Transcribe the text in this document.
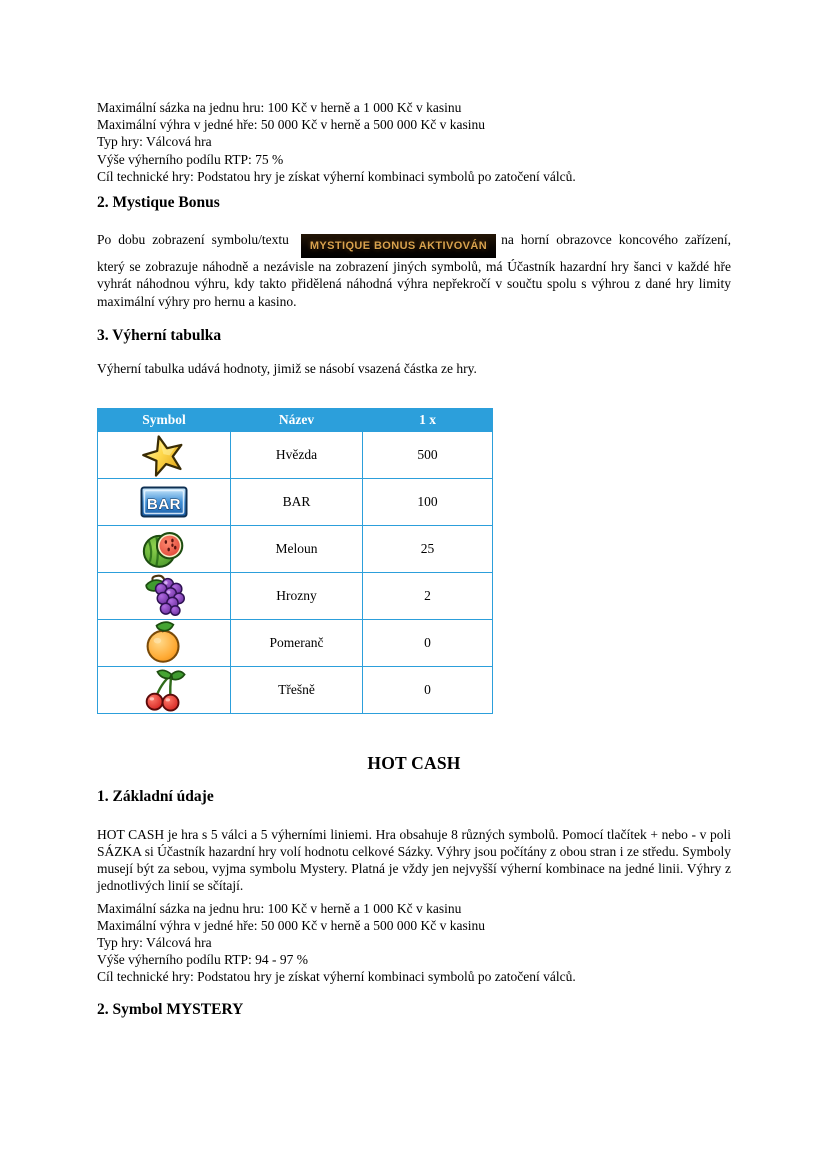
Maximální sázka na jednu hru: 100 Kč v herně a 1 000 Kč v kasinu
Maximální výhra v jedné hře: 50 000 Kč v herně a 500 000 Kč v kasinu
Typ hry: Válcová hra
Výše výherního podílu RTP: 75 %
Cíl technické hry: Podstatou hry je získat výherní kombinaci symbolů po zatočení válců.
2. Mystique Bonus
Po dobu zobrazení symbolu/textu MYSTIQUE BONUS AKTIVOVÁN na horní obrazovce koncového zařízení, který se zobrazuje náhodně a nezávisle na zobrazení jiných symbolů, má Účastník hazardní hry šanci v každé hře vyhrát náhodnou výhru, kdy takto přidělená náhodná výhra nepřekročí v součtu spolu s výhrou z dané hry limity maximální výhry pro hernu a kasino.
3. Výherní tabulka
Výherní tabulka udává hodnoty, jimiž se násobí vsazená částka ze hry.
Symbol	Název	1 x

	Hvězda	500

BAR	BAR	100

	Meloun	25

	Hrozny	2

	Pomeranč	0

	Třešně	0
HOT CASH
1. Základní údaje
HOT CASH je hra s 5 válci a 5 výherními liniemi. Hra obsahuje 8 různých symbolů. Pomocí tlačítek + nebo - v poli SÁZKA si Účastník hazardní hry volí hodnotu celkové Sázky. Výhry jsou počítány z obou stran i ze středu. Symboly musejí být za sebou, vyjma symbolu Mystery. Platná je vždy jen nejvyšší výherní kombinace na jedné linii. Výhry z jednotlivých linií se sčítají.
Maximální sázka na jednu hru: 100 Kč v herně a 1 000 Kč v kasinu
Maximální výhra v jedné hře: 50 000 Kč v herně a 500 000 Kč v kasinu
Typ hry: Válcová hra
Výše výherního podílu RTP: 94 - 97 %
Cíl technické hry: Podstatou hry je získat výherní kombinaci symbolů po zatočení válců.
2. Symbol MYSTERY
